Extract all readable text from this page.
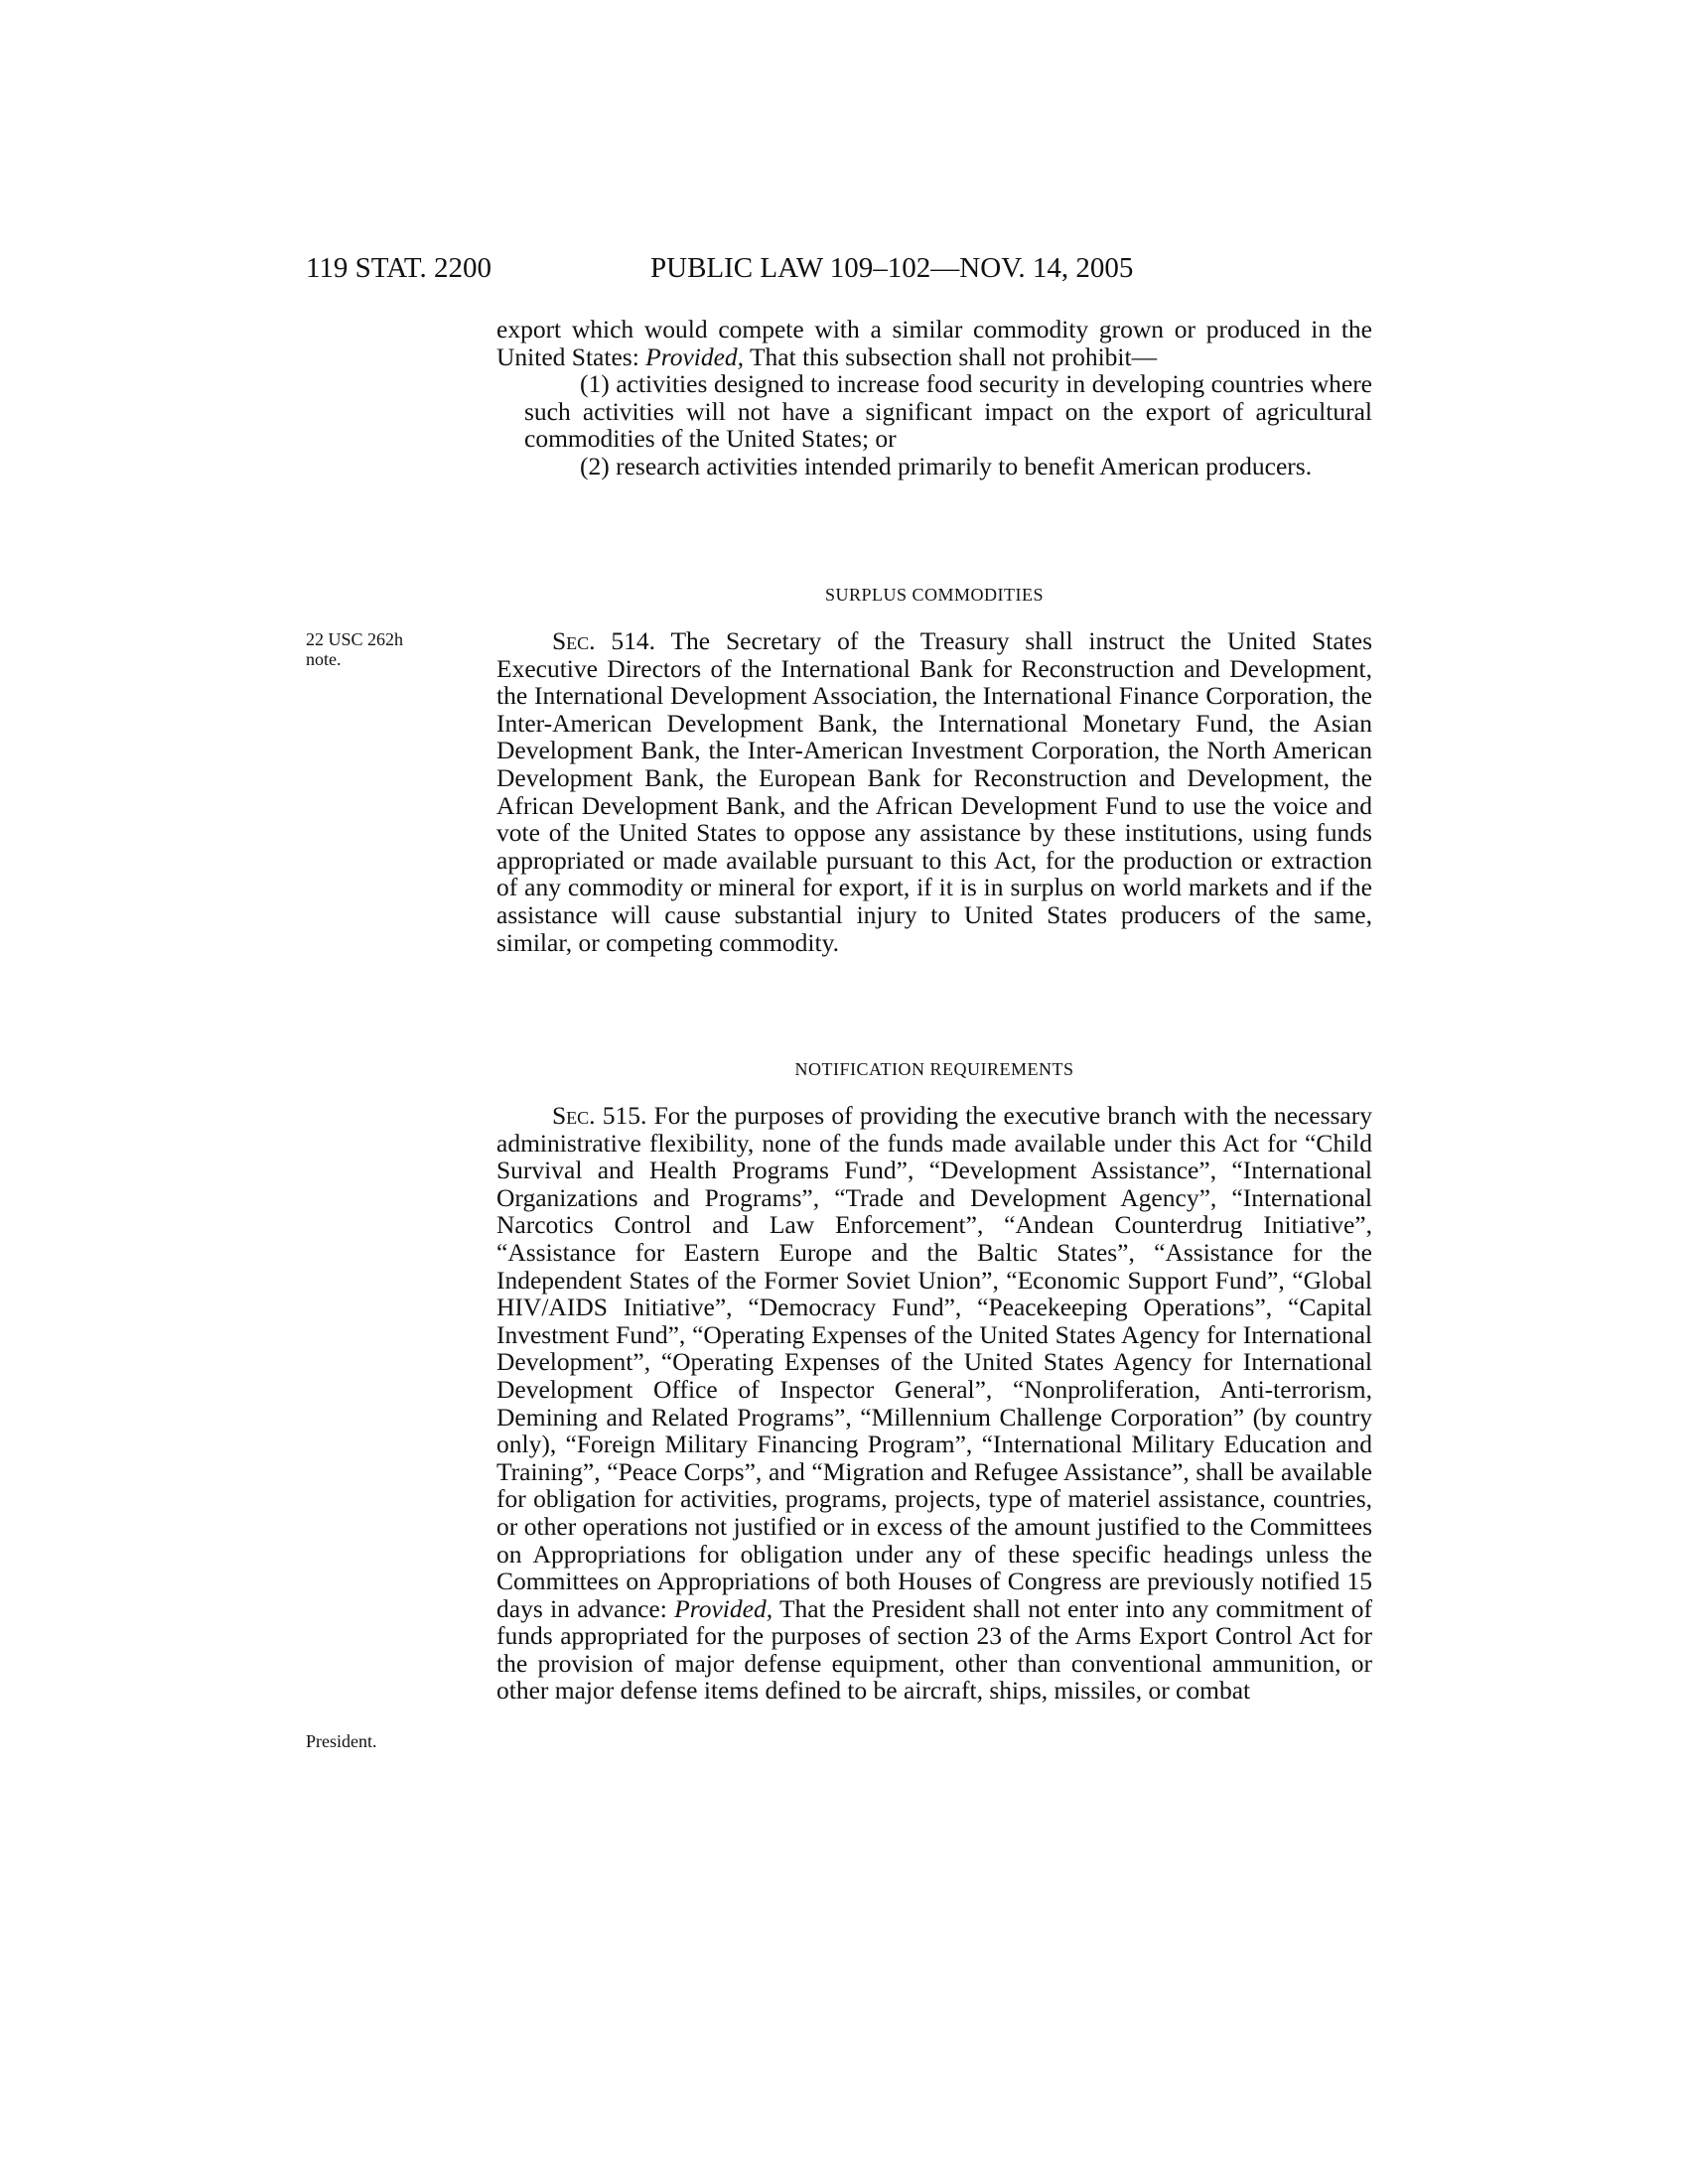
119 STAT. 2200	PUBLIC LAW 109–102—NOV. 14, 2005

export which would compete with a similar commodity grown or produced in the United States: Provided, That this subsection shall not prohibit—

(1) activities designed to increase food security in developing countries where such activities will not have a significant impact on the export of agricultural commodities of the United States; or

(2) research activities intended primarily to benefit American producers.

SURPLUS COMMODITIES
22 USC 262h
note.

Sec. 514. The Secretary of the Treasury shall instruct the United States Executive Directors of the International Bank for Reconstruction and Development, the International Development Association, the International Finance Corporation, the Inter-American Development Bank, the International Monetary Fund, the Asian Development Bank, the Inter-American Investment Corporation, the North American Development Bank, the European Bank for Reconstruction and Development, the African Development Bank, and the African Development Fund to use the voice and vote of the United States to oppose any assistance by these institutions, using funds appropriated or made available pursuant to this Act, for the production or extraction of any commodity or mineral for export, if it is in surplus on world markets and if the assistance will cause substantial injury to United States producers of the same, similar, or competing commodity.

NOTIFICATION REQUIREMENTS

Sec. 515. For the purposes of providing the executive branch with the necessary administrative flexibility, none of the funds made available under this Act for “Child Survival and Health Programs Fund”, “Development Assistance”, “International Organizations and Programs”, “Trade and Development Agency”, “International Narcotics Control and Law Enforcement”, “Andean Counterdrug Initiative”, “Assistance for Eastern Europe and the Baltic States”, “Assistance for the Independent States of the Former Soviet Union”, “Economic Support Fund”, “Global HIV/AIDS Initiative”, “Democracy Fund”, “Peacekeeping Operations”, “Capital Investment Fund”, “Operating Expenses of the United States Agency for International Development”, “Operating Expenses of the United States Agency for International Development Office of Inspector General”, “Nonproliferation, Anti-terrorism, Demining and Related Programs”, “Millennium Challenge Corporation” (by country only), “Foreign Military Financing Program”, “International Military Education and Training”, “Peace Corps”, and “Migration and Refugee Assistance”, shall be available for obligation for activities, programs, projects, type of materiel assistance, countries, or other operations not justified or in excess of the amount justified to the Committees on Appropriations for obligation under any of these specific headings unless the Committees on Appropriations of both Houses of Congress are previously notified 15 days in advance: Provided, That the President shall not enter into any commitment of funds appropriated for the purposes of section 23 of the Arms Export Control Act for the provision of major defense equipment, other than conventional ammunition, or other major defense items defined to be aircraft, ships, missiles, or combat

President.
